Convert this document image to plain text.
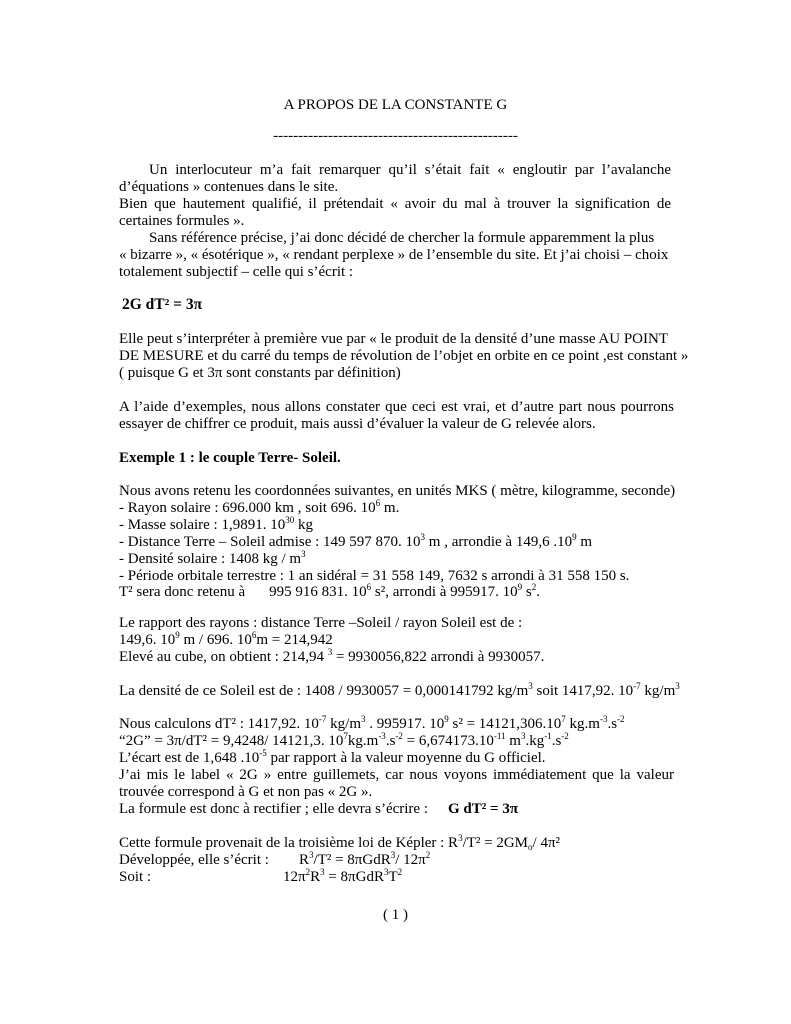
A PROPOS DE LA CONSTANTE G
-------------------------------------------------
Un interlocuteur m’a fait remarquer qu’il s’était fait « engloutir par l’avalanche
d’équations » contenues dans le site.
Bien que hautement qualifié, il prétendait « avoir du mal à trouver la signification de
certaines formules ».
Sans référence précise, j’ai donc décidé de chercher la formule apparemment la plus
« bizarre », « ésotérique », « rendant perplexe » de l’ensemble du site. Et j’ai choisi – choix
totalement subjectif – celle qui s’écrit :
2G dT² = 3π
Elle peut s’interpréter à première vue par « le produit de la densité d’une masse AU POINT
DE MESURE et du carré du temps de révolution de l’objet en orbite en ce point ,est constant »
( puisque G et 3π sont constants par définition)
A l’aide d’exemples, nous allons constater que ceci est vrai, et d’autre part nous pourrons
essayer de chiffrer ce produit, mais aussi d’évaluer la valeur de G relevée alors.
Exemple 1 : le couple Terre- Soleil.
Nous avons retenu les coordonnées suivantes, en unités MKS ( mètre, kilogramme, seconde)
- Rayon solaire : 696.000 km , soit 696. $10^6$ m.
- Masse solaire : 1,9891. $10^{30}$ kg
- Distance Terre – Soleil admise : 149 597 870. $10^3$ m , arrondie à 149,6 $.10^9$ m
- Densité solaire : 1408 kg / $m^3$
- Période orbitale terrestre : 1 an sidéral = 31 558 149, 7632 s arrondi à 31 558 150 s.
T² sera donc retenu à 995 916 831. $10^6$ s², arrondi à 995917. $10^9$ $s^2$.
Le rapport des rayons : distance Terre –Soleil / rayon Soleil est de :
149,6. $10^9$ m / 696. $10^6m = 214,942$
Elevé au cube, on obtient : 214,94 $^3$ = 9930056,822 arrondi à 9930057.
La densité de ce Soleil est de : 1408 / 9930057 = 0,000141792 $kg/m^3$ soit 1417,92. $10^{-7}$ $kg/m^3$
Nous calculons dT² : 1417,92. $10^{-7}$ $kg/m^3$ . 995917. $10^9$ $s^2 = 14121,306.10^7$ $kg.m^{-3}.s^{-2}$
“2G” = 3π/dT² = 9,4248/ 14121,3. $10^7kg.m^{-3}.s^{-2} = 6,674173.10^{-11}$ $m^3.kg^{-1}.s^{-2}$
L’écart est de 1,648 $.10^{-5}$ par rapport à la valeur moyenne du G officiel.
J’ai mis le label « 2G » entre guillemets, car nous voyons immédiatement que la valeur
trouvée correspond à G et non pas « 2G ».
La formule est donc à rectifier ; elle devra s’écrire : G dT² = 3π
Cette formule provenait de la troisième loi de Képler : $R^3/T^2 = 2GM_o/$ 4π²
Développée, elle s’écrit : $R^3/T^2 = 8\pi GdR^3/$ $12\pi^2$
Soit :	$12\pi^2R^3 = 8\pi GdR^3T^2$
( 1 )
